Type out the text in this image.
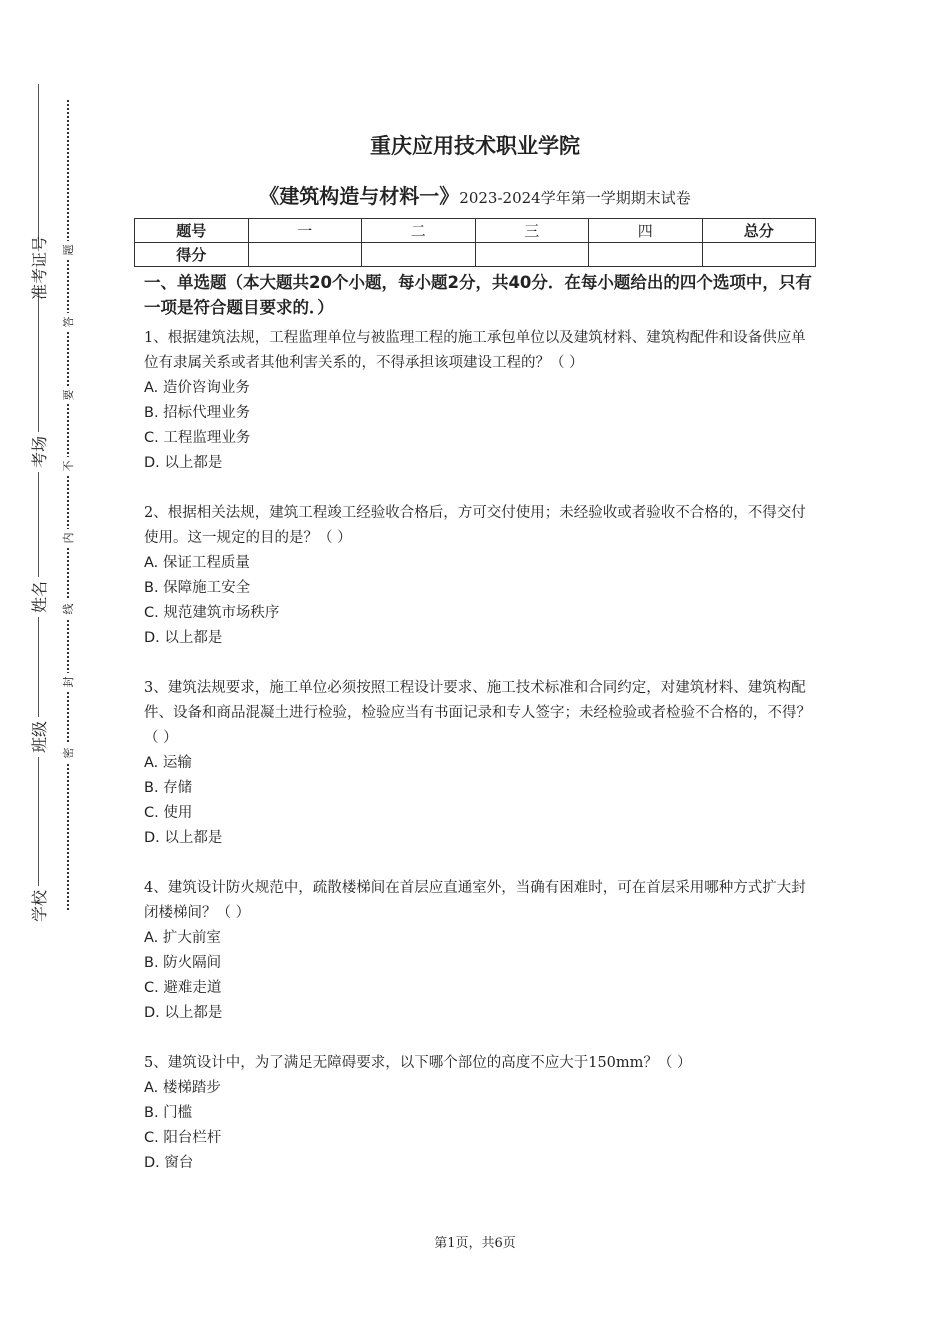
准考证号
考场
姓名
班级
学校
题
答
要
不
内
线
封
密
重庆应用技术职业学院
《建筑构造与材料一》2023-2024学年第一学期期末试卷
题号	一	二	三	四	总分
得分					

一、单选题（本大题共20个小题，每小题2分，共40分．在每小题给出的四个选项中，只有一项是符合题目要求的．）

1、根据建筑法规，工程监理单位与被监理工程的施工承包单位以及建筑材料、建筑构配件和设备供应单位有隶属关系或者其他利害关系的，不得承担该项建设工程的？（ ）

A. 造价咨询业务

B. 招标代理业务

C. 工程监理业务

D. 以上都是

2、根据相关法规，建筑工程竣工经验收合格后，方可交付使用；未经验收或者验收不合格的，不得交付使用。这一规定的目的是？（ ）

A. 保证工程质量

B. 保障施工安全

C. 规范建筑市场秩序

D. 以上都是

3、建筑法规要求，施工单位必须按照工程设计要求、施工技术标准和合同约定，对建筑材料、建筑构配件、设备和商品混凝土进行检验，检验应当有书面记录和专人签字；未经检验或者检验不合格的，不得？（ ）

A. 运输

B. 存储

C. 使用

D. 以上都是

4、建筑设计防火规范中，疏散楼梯间在首层应直通室外，当确有困难时，可在首层采用哪种方式扩大封闭楼梯间？（ ）

A. 扩大前室

B. 防火隔间

C. 避难走道

D. 以上都是

5、建筑设计中，为了满足无障碍要求，以下哪个部位的高度不应大于150mm？（ ）

A. 楼梯踏步

B. 门槛

C. 阳台栏杆

D. 窗台

第1页，共6页
